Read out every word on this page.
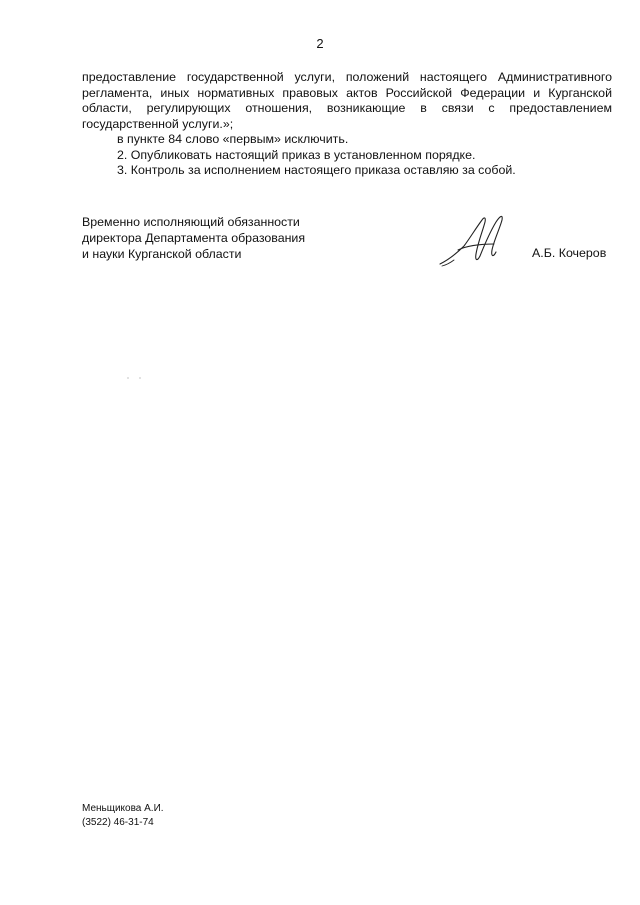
2

предоставление государственной услуги, положений настоящего Административного регламента, иных нормативных правовых актов Российской Федерации и Курганской области, регулирующих отношения, возникающие в связи с предоставлением государственной услуги.»;

в пункте 84 слово «первым» исключить.

2. Опубликовать настоящий приказ в установленном порядке.

3. Контроль за исполнением настоящего приказа оставляю за собой.

Временно исполняющий обязанности
директора Департамента образования
и науки Курганской области	А.Б. Кочеров
Меньщикова А.И.
(3522) 46-31-74
